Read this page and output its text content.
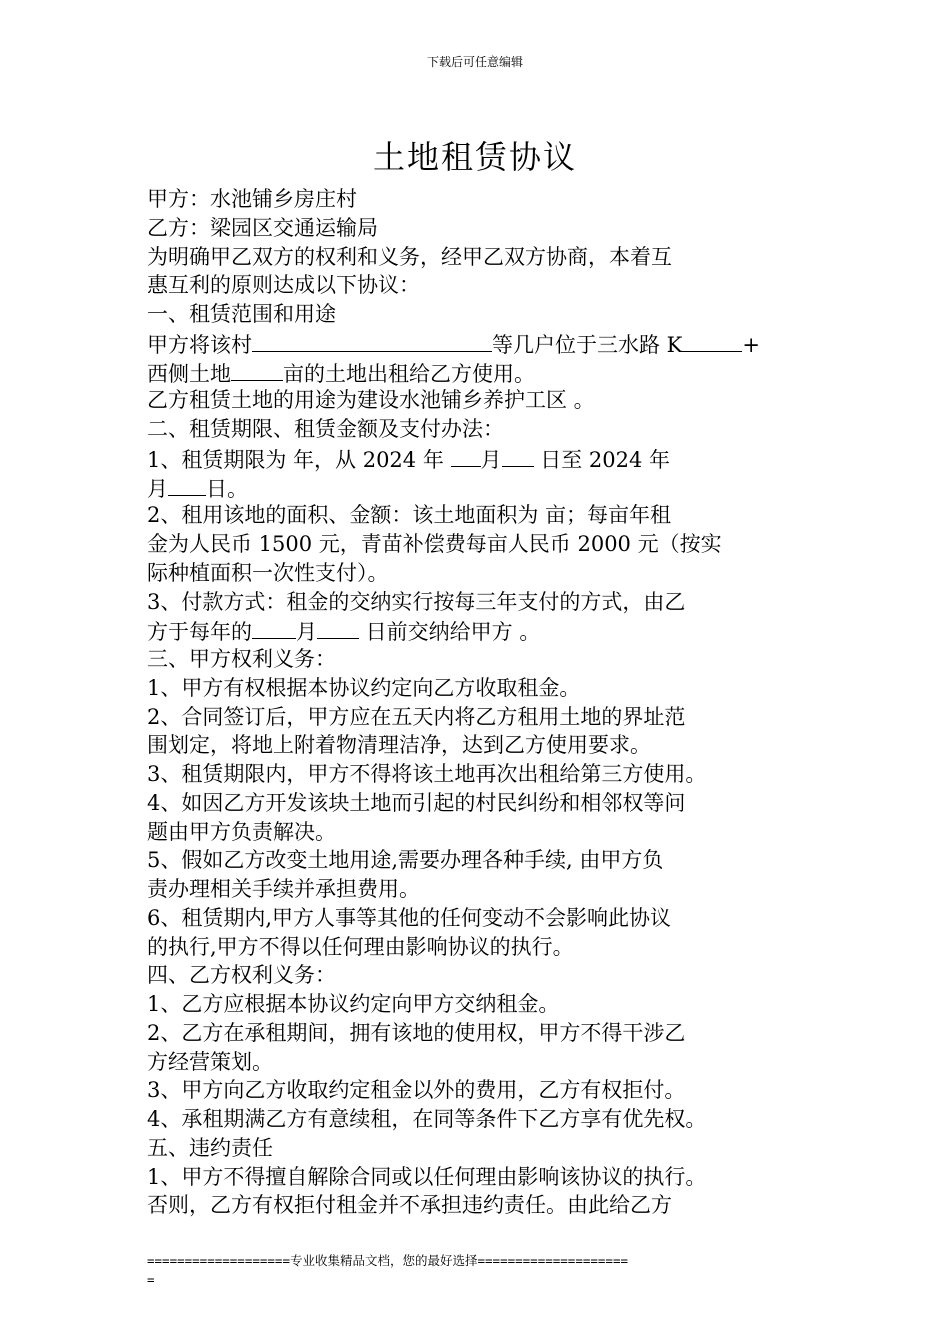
下载后可任意编辑
土地租赁协议
甲方：水池铺乡房庄村
乙方：梁园区交通运输局
为明确甲乙双方的权利和义务，经甲乙双方协商，本着互
惠互利的原则达成以下协议：
一、租赁范围和用途
甲方将该村	等几户位于三水路 K	+
西侧土地 亩的土地出租给乙方使用。
乙方租赁土地的用途为建设水池铺乡养护工区 。
二、租赁期限、租赁金额及支付办法：
1、租赁期限为 年，从 2024 年 月 日至 2024 年
月 日。
2、租用该地的面积、金额：该土地面积为 亩；每亩年租
金为人民币 1500 元，青苗补偿费每亩人民币 2000 元（按实
际种植面积一次性支付）。
3、付款方式：租金的交纳实行按每三年支付的方式，由乙
方于每年的 月 日前交纳给甲方 。
三、甲方权利义务：
1、甲方有权根据本协议约定向乙方收取租金。
2、合同签订后，甲方应在五天内将乙方租用土地的界址范
围划定，将地上附着物清理洁净，达到乙方使用要求。
3、租赁期限内，甲方不得将该土地再次出租给第三方使用。
4、如因乙方开发该块土地而引起的村民纠纷和相邻权等问
题由甲方负责解决。
5、假如乙方改变土地用途,需要办理各种手续, 由甲方负
责办理相关手续并承担费用。
6、租赁期内,甲方人事等其他的任何变动不会影响此协议
的执行,甲方不得以任何理由影响协议的执行。
四、乙方权利义务：
1、乙方应根据本协议约定向甲方交纳租金。
2、乙方在承租期间，拥有该地的使用权，甲方不得干涉乙
方经营策划。
3、甲方向乙方收取约定租金以外的费用，乙方有权拒付。
4、承租期满乙方有意续租，在同等条件下乙方享有优先权。
五、违约责任
1、甲方不得擅自解除合同或以任何理由影响该协议的执行。
否则，乙方有权拒付租金并不承担违约责任。由此给乙方
===================专业收集精品文档，您的最好选择====================
=
